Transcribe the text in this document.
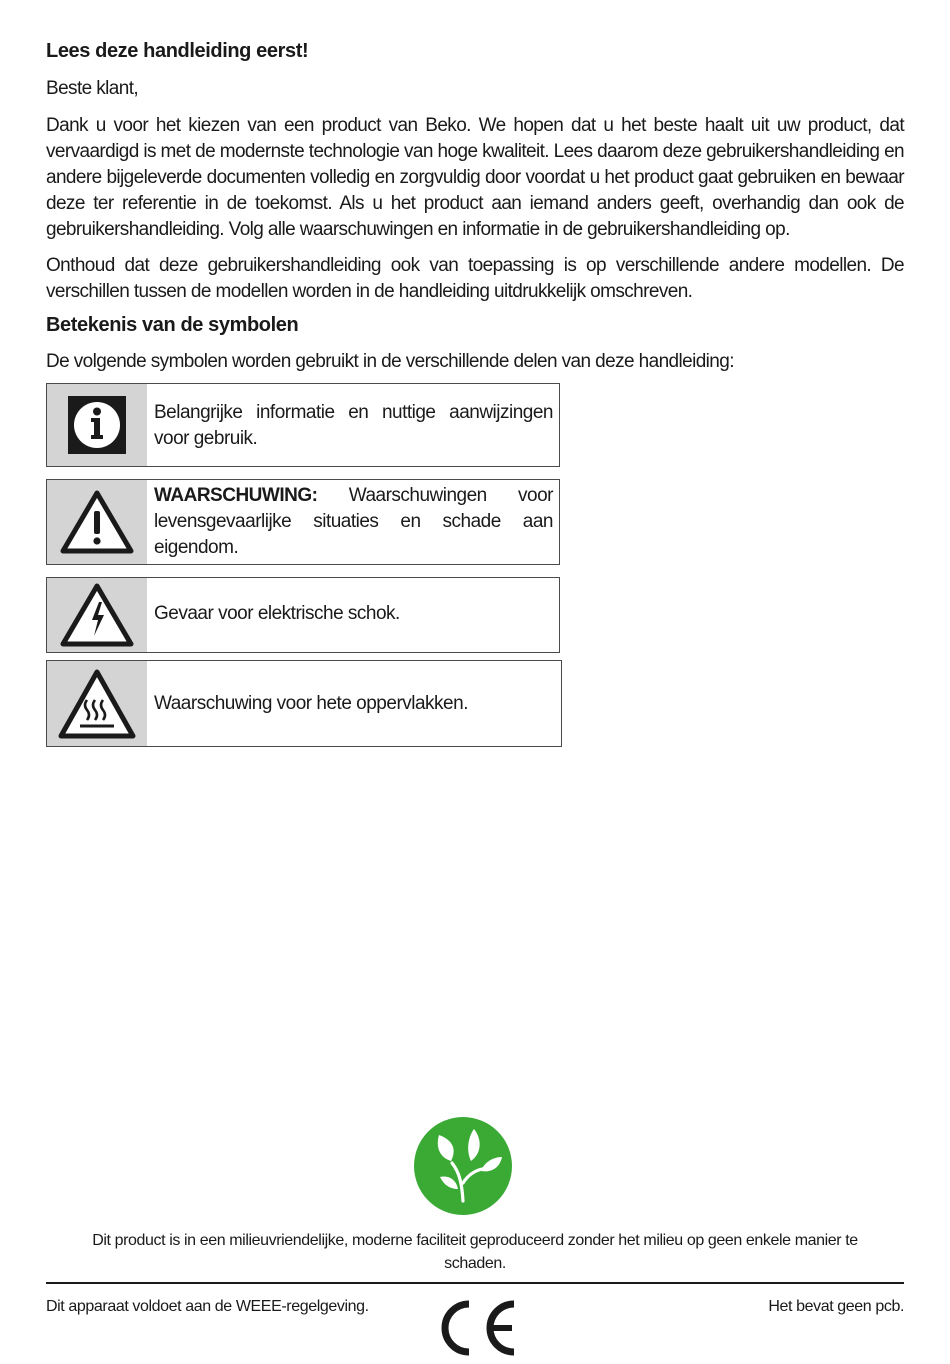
Lees deze handleiding eerst!
Beste klant,
Dank u voor het kiezen van een product van Beko. We hopen dat u het beste haalt uit uw product, dat vervaardigd is met de modernste technologie van hoge kwaliteit. Lees daarom deze gebruikershandleiding en andere bijgeleverde documenten volledig en zorgvuldig door voordat u het product gaat gebruiken en bewaar deze ter referentie in de toekomst. Als u het product aan iemand anders geeft, overhandig dan ook de gebruikershandleiding. Volg alle waarschuwingen en informatie in de gebruikershandleiding op.
Onthoud dat deze gebruikershandleiding ook van toepassing is op verschillende andere modellen. De verschillen tussen de modellen worden in de handleiding uitdrukkelijk omschreven.
Betekenis van de symbolen
De volgende symbolen worden gebruikt in de verschillende delen van deze handleiding:
Belangrijke informatie en nuttige aanwijzingen voor gebruik.
WAARSCHUWING: Waarschuwingen voor levensgevaarlijke situaties en schade aan eigendom.
Gevaar voor elektrische schok.
Waarschuwing voor hete oppervlakken.
Dit product is in een milieuvriendelijke, moderne faciliteit geproduceerd zonder het milieu op geen enkele manier te schaden.
Dit apparaat voldoet aan de WEEE-regelgeving.	Het bevat geen pcb.
